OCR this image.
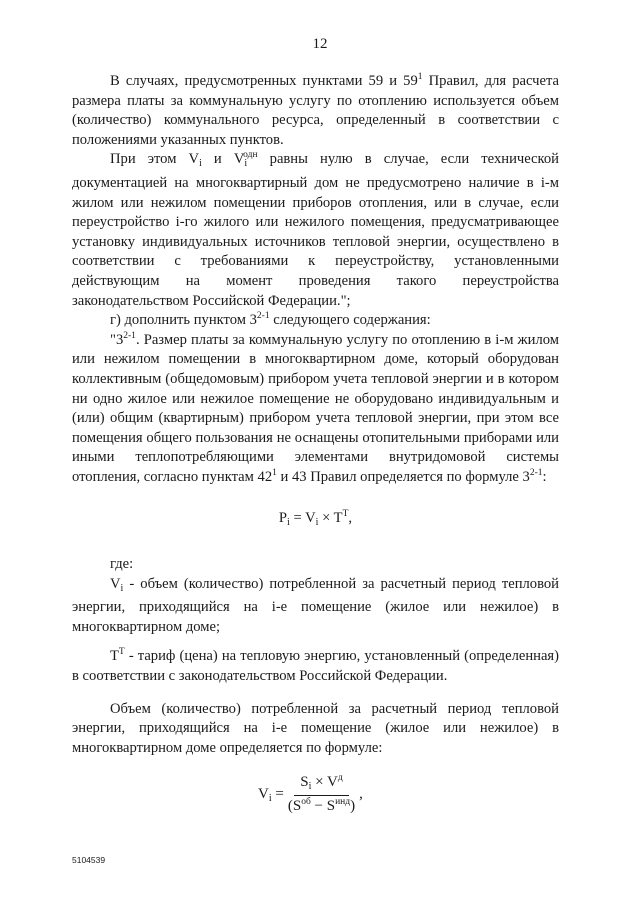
12

В случаях, предусмотренных пунктами 59 и $59^1$ Правил, для расчета размера платы за коммунальную услугу по отоплению используется объем (количество) коммунального ресурса, определенный в соответствии с положениями указанных пунктов.

При этом $V_i$ и $V_i^{одн}$ равны нулю в случае, если технической документацией на многоквартирный дом не предусмотрено наличие в i-м жилом или нежилом помещении приборов отопления, или в случае, если переустройство i-го жилого или нежилого помещения, предусматривающее установку индивидуальных источников тепловой энергии, осуществлено в соответствии с требованиями к переустройству, установленными действующим на момент проведения такого переустройства законодательством Российской Федерации.";

г) дополнить пунктом 3$^{2-1}$ следующего содержания:

"3$^{2-1}$. Размер платы за коммунальную услугу по отоплению в i-м жилом или нежилом помещении в многоквартирном доме, который оборудован коллективным (общедомовым) прибором учета тепловой энергии и в котором ни одно жилое или нежилое помещение не оборудовано индивидуальным и (или) общим (квартирным) прибором учета тепловой энергии, при этом все помещения общего пользования не оснащены отопительными приборами или иными теплопотребляющими элементами внутридомовой системы отопления, согласно пунктам $42^1$ и 43 Правил определяется по формуле 3$^{2-1}$:

$P_i = V_i \times T^T$,

где:

$V_i$ - объем (количество) потребленной за расчетный период тепловой энергии, приходящийся на i-е помещение (жилое или нежилое) в многоквартирном доме;

$T^T$ - тариф (цена) на тепловую энергию, установленный (определенная) в соответствии с законодательством Российской Федерации.

Объем (количество) потребленной за расчетный период тепловой энергии, приходящийся на i-е помещение (жилое или нежилое) в многоквартирном доме определяется по формуле:

$V_i = \frac{S_i \times V^д}{(S^{об} - S^{инд})}$ ,
5104539
